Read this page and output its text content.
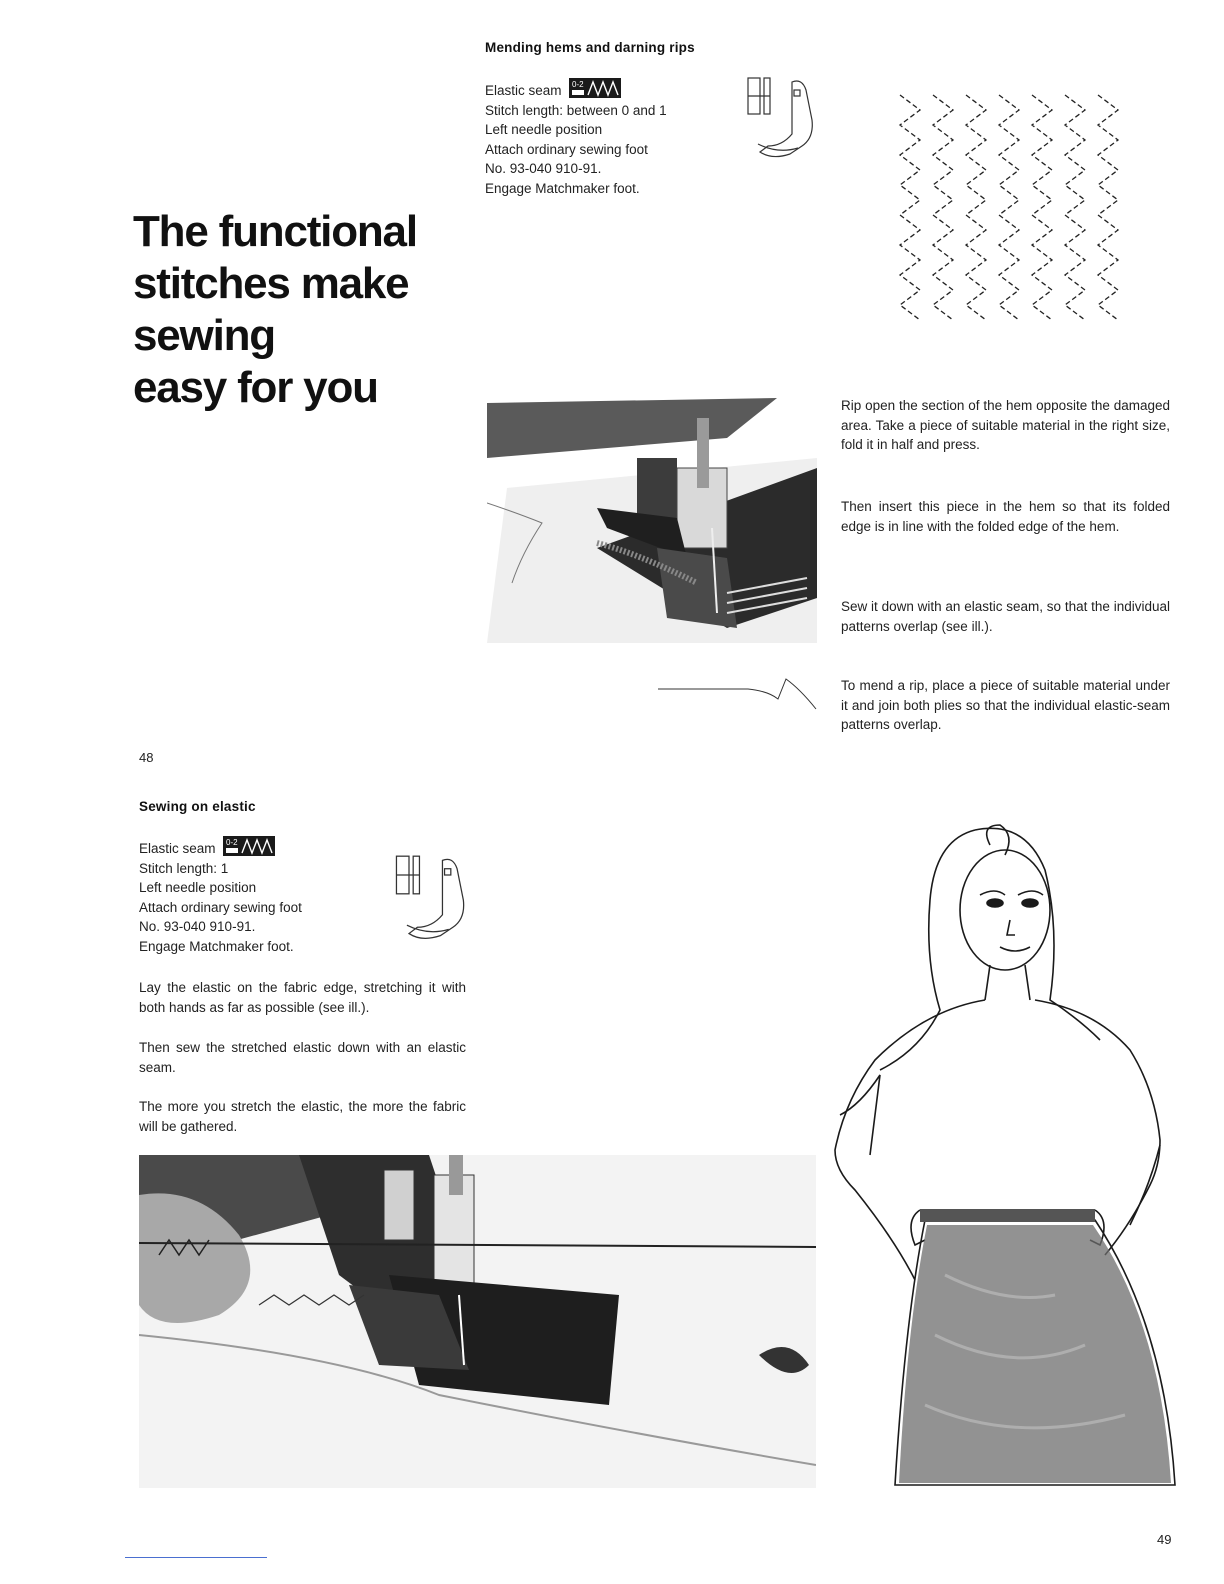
Mending hems and darning rips
Elastic seam 0-2
Stitch length: between 0 and 1
Left needle position
Attach ordinary sewing foot
No. 93-040 910-91.
Engage Matchmaker foot.
The functional
stitches make
sewing
easy for you	Rip open the section of the hem opposite the damaged area. Take a piece of suitable material in the right size, fold it in half and press.
Then insert this piece in the hem so that its folded edge is in line with the folded edge of the hem.
Sew it down with an elastic seam, so that the individual patterns overlap (see ill.).
To mend a rip, place a piece of suitable material under it and join both plies so that the individual elastic-seam patterns overlap.
48
Sewing on elastic
Elastic seam 0-2
Stitch length: 1
Left needle position
Attach ordinary sewing foot
No. 93-040 910-91.
Engage Matchmaker foot.
Lay the elastic on the fabric edge, stretching it with both hands as far as possible (see ill.).
Then sew the stretched elastic down with an elastic seam.
The more you stretch the elastic, the more the fabric will be gathered.
49
